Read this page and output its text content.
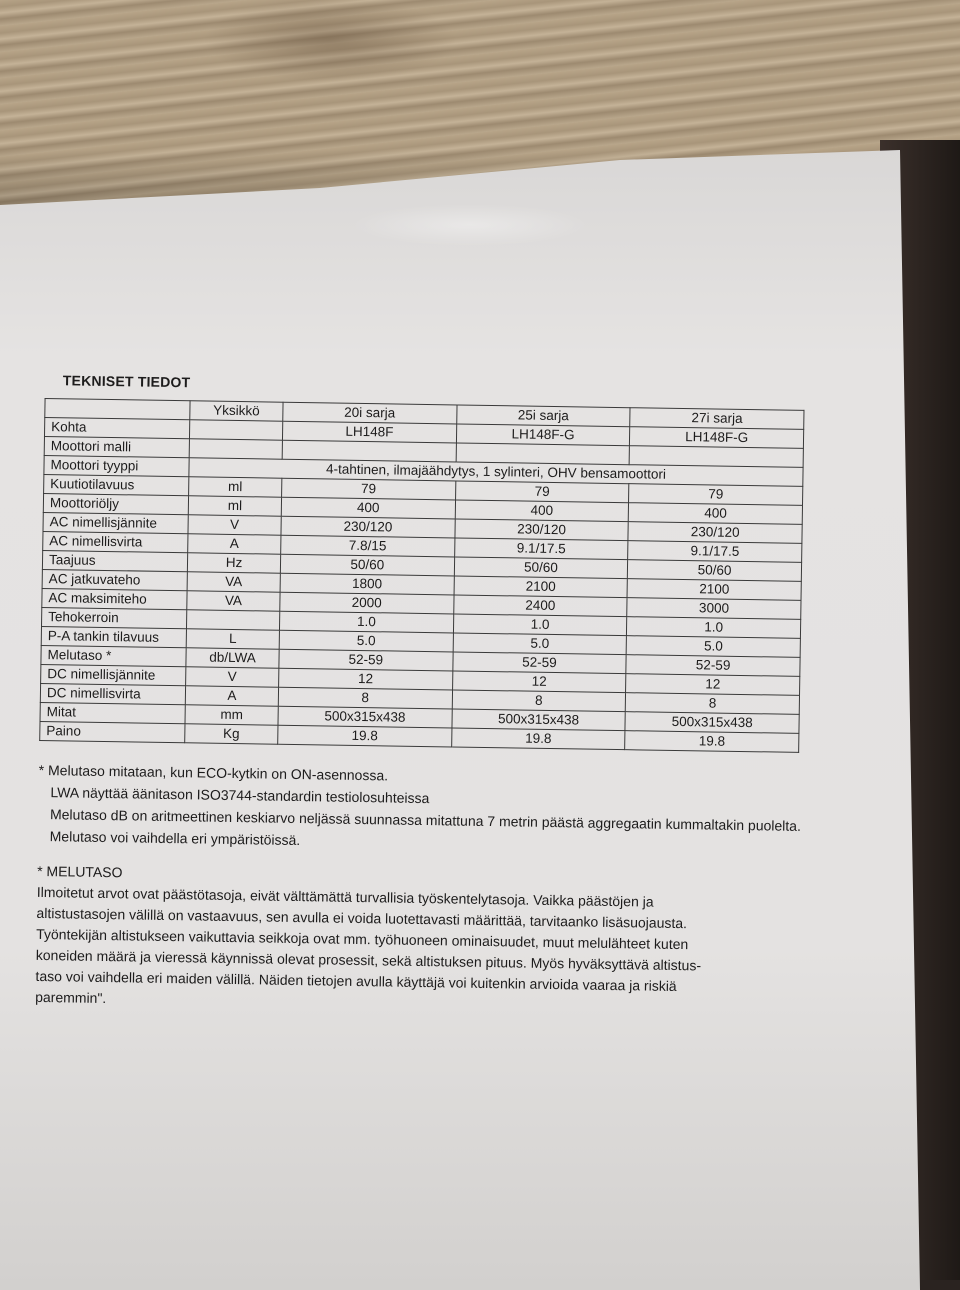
TEKNISET TIEDOT
	Yksikkö	20i sarja	25i sarja	27i sarja
Kohta		LH148F	LH148F-G	LH148F-G
Moottori malli				
Moottori tyyppi	4-tahtinen, ilmajäähdytys, 1 sylinteri, OHV bensamoottori			
Kuutiotilavuus	ml	79	79	79
Moottoriöljy	ml	400	400	400
AC nimellisjännite	V	230/120	230/120	230/120
AC nimellisvirta	A	7.8/15	9.1/17.5	9.1/17.5
Taajuus	Hz	50/60	50/60	50/60
AC jatkuvateho	VA	1800	2100	2100
AC maksimiteho	VA	2000	2400	3000
Tehokerroin		1.0	1.0	1.0
P-A tankin tilavuus	L	5.0	5.0	5.0
Melutaso *	db/LWA	52-59	52-59	52-59
DC nimellisjännite	V	12	12	12
DC nimellisvirta	A	8	8	8
Mitat	mm	500x315x438	500x315x438	500x315x438
Paino	Kg	19.8	19.8	19.8

* Melutaso mitataan, kun ECO-kytkin on ON-asennossa.

LWA näyttää äänitason ISO3744-standardin testiolosuhteissa

Melutaso dB on aritmeettinen keskiarvo neljässä suunnassa mitattuna 7 metrin päästä aggregaatin kummaltakin puolelta.

Melutaso voi vaihdella eri ympäristöissä.

* MELUTASO

Ilmoitetut arvot ovat päästötasoja, eivät välttämättä turvallisia työskentelytasoja. Vaikka päästöjen ja

altistustasojen välillä on vastaavuus, sen avulla ei voida luotettavasti määrittää, tarvitaanko lisäsuojausta.

Työntekijän altistukseen vaikuttavia seikkoja ovat mm. työhuoneen ominaisuudet, muut melulähteet kuten

koneiden määrä ja vieressä käynnissä olevat prosessit, sekä altistuksen pituus. Myös hyväksyttävä altistus-

taso voi vaihdella eri maiden välillä. Näiden tietojen avulla käyttäjä voi kuitenkin arvioida vaaraa ja riskiä

paremmin".
